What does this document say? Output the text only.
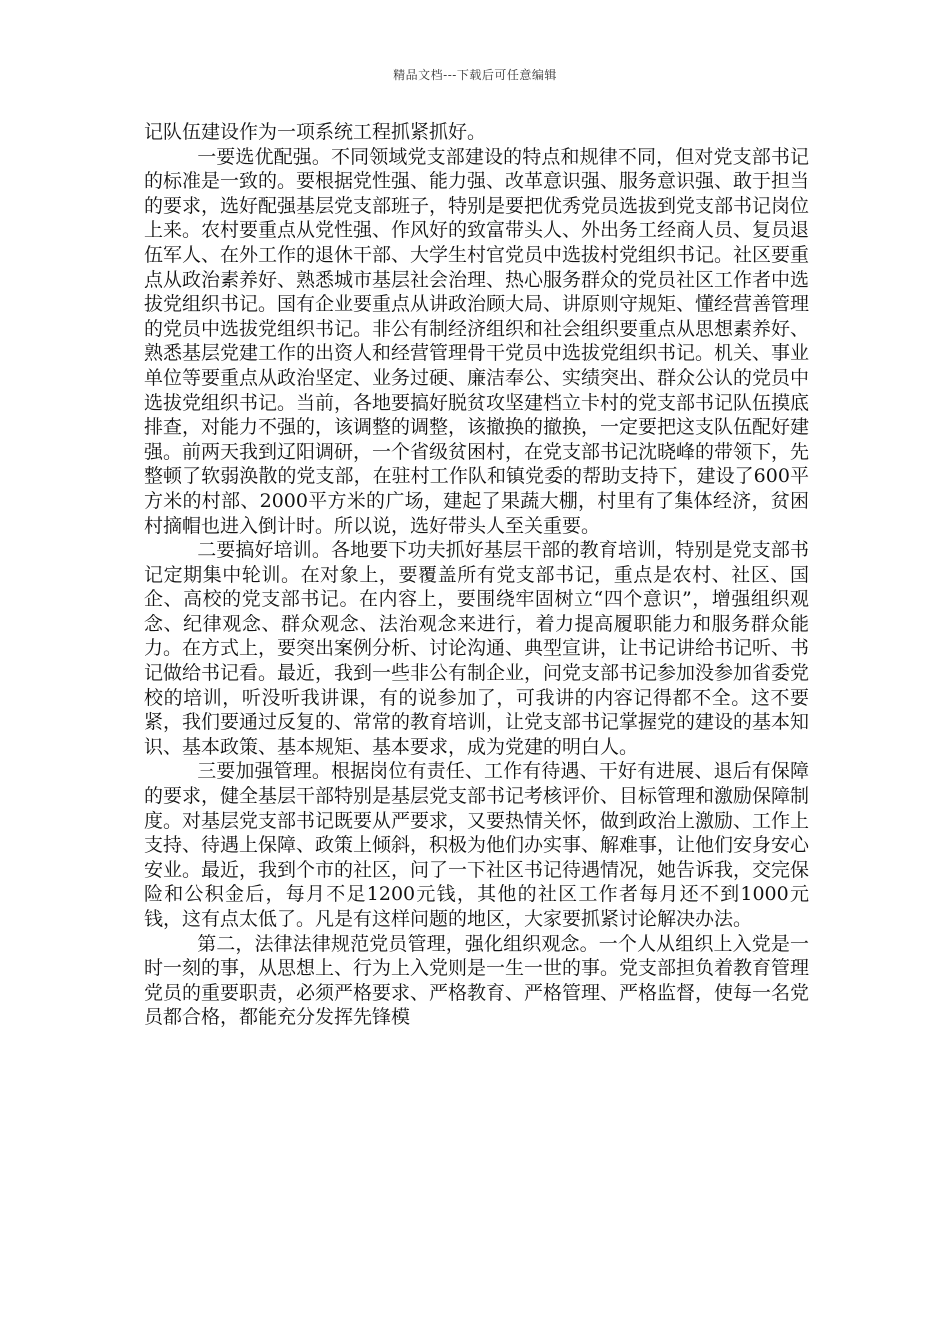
精品文档---下载后可任意编辑

记队伍建设作为一项系统工程抓紧抓好。

一要选优配强。不同领域党支部建设的特点和规律不同，但对党支部书记的标准是一致的。要根据党性强、能力强、改革意识强、服务意识强、敢于担当的要求，选好配强基层党支部班子，特别是要把优秀党员选拔到党支部书记岗位上来。农村要重点从党性强、作风好的致富带头人、外出务工经商人员、复员退伍军人、在外工作的退休干部、大学生村官党员中选拔村党组织书记。社区要重点从政治素养好、熟悉城市基层社会治理、热心服务群众的党员社区工作者中选拔党组织书记。国有企业要重点从讲政治顾大局、讲原则守规矩、懂经营善管理的党员中选拔党组织书记。非公有制经济组织和社会组织要重点从思想素养好、熟悉基层党建工作的出资人和经营管理骨干党员中选拔党组织书记。机关、事业单位等要重点从政治坚定、业务过硬、廉洁奉公、实绩突出、群众公认的党员中选拔党组织书记。当前，各地要搞好脱贫攻坚建档立卡村的党支部书记队伍摸底排查，对能力不强的，该调整的调整，该撤换的撤换，一定要把这支队伍配好建强。前两天我到辽阳调研，一个省级贫困村，在党支部书记沈晓峰的带领下，先整顿了软弱涣散的党支部，在驻村工作队和镇党委的帮助支持下，建设了600平方米的村部、2000平方米的广场，建起了果蔬大棚，村里有了集体经济，贫困村摘帽也进入倒计时。所以说，选好带头人至关重要。

二要搞好培训。各地要下功夫抓好基层干部的教育培训，特别是党支部书记定期集中轮训。在对象上，要覆盖所有党支部书记，重点是农村、社区、国企、高校的党支部书记。在内容上，要围绕牢固树立“四个意识”，增强组织观念、纪律观念、群众观念、法治观念来进行，着力提高履职能力和服务群众能力。在方式上，要突出案例分析、讨论沟通、典型宣讲，让书记讲给书记听、书记做给书记看。最近，我到一些非公有制企业，问党支部书记参加没参加省委党校的培训，听没听我讲课，有的说参加了，可我讲的内容记得都不全。这不要紧，我们要通过反复的、常常的教育培训，让党支部书记掌握党的建设的基本知识、基本政策、基本规矩、基本要求，成为党建的明白人。

三要加强管理。根据岗位有责任、工作有待遇、干好有进展、退后有保障的要求，健全基层干部特别是基层党支部书记考核评价、目标管理和激励保障制度。对基层党支部书记既要从严要求，又要热情关怀，做到政治上激励、工作上支持、待遇上保障、政策上倾斜，积极为他们办实事、解难事，让他们安身安心安业。最近，我到个市的社区，问了一下社区书记待遇情况，她告诉我，交完保险和公积金后，每月不足1200元钱，其他的社区工作者每月还不到1000元钱，这有点太低了。凡是有这样问题的地区，大家要抓紧讨论解决办法。

第二，法律法律规范党员管理，强化组织观念。一个人从组织上入党是一时一刻的事，从思想上、行为上入党则是一生一世的事。党支部担负着教育管理党员的重要职责，必须严格要求、严格教育、严格管理、严格监督，使每一名党员都合格，都能充分发挥先锋模
